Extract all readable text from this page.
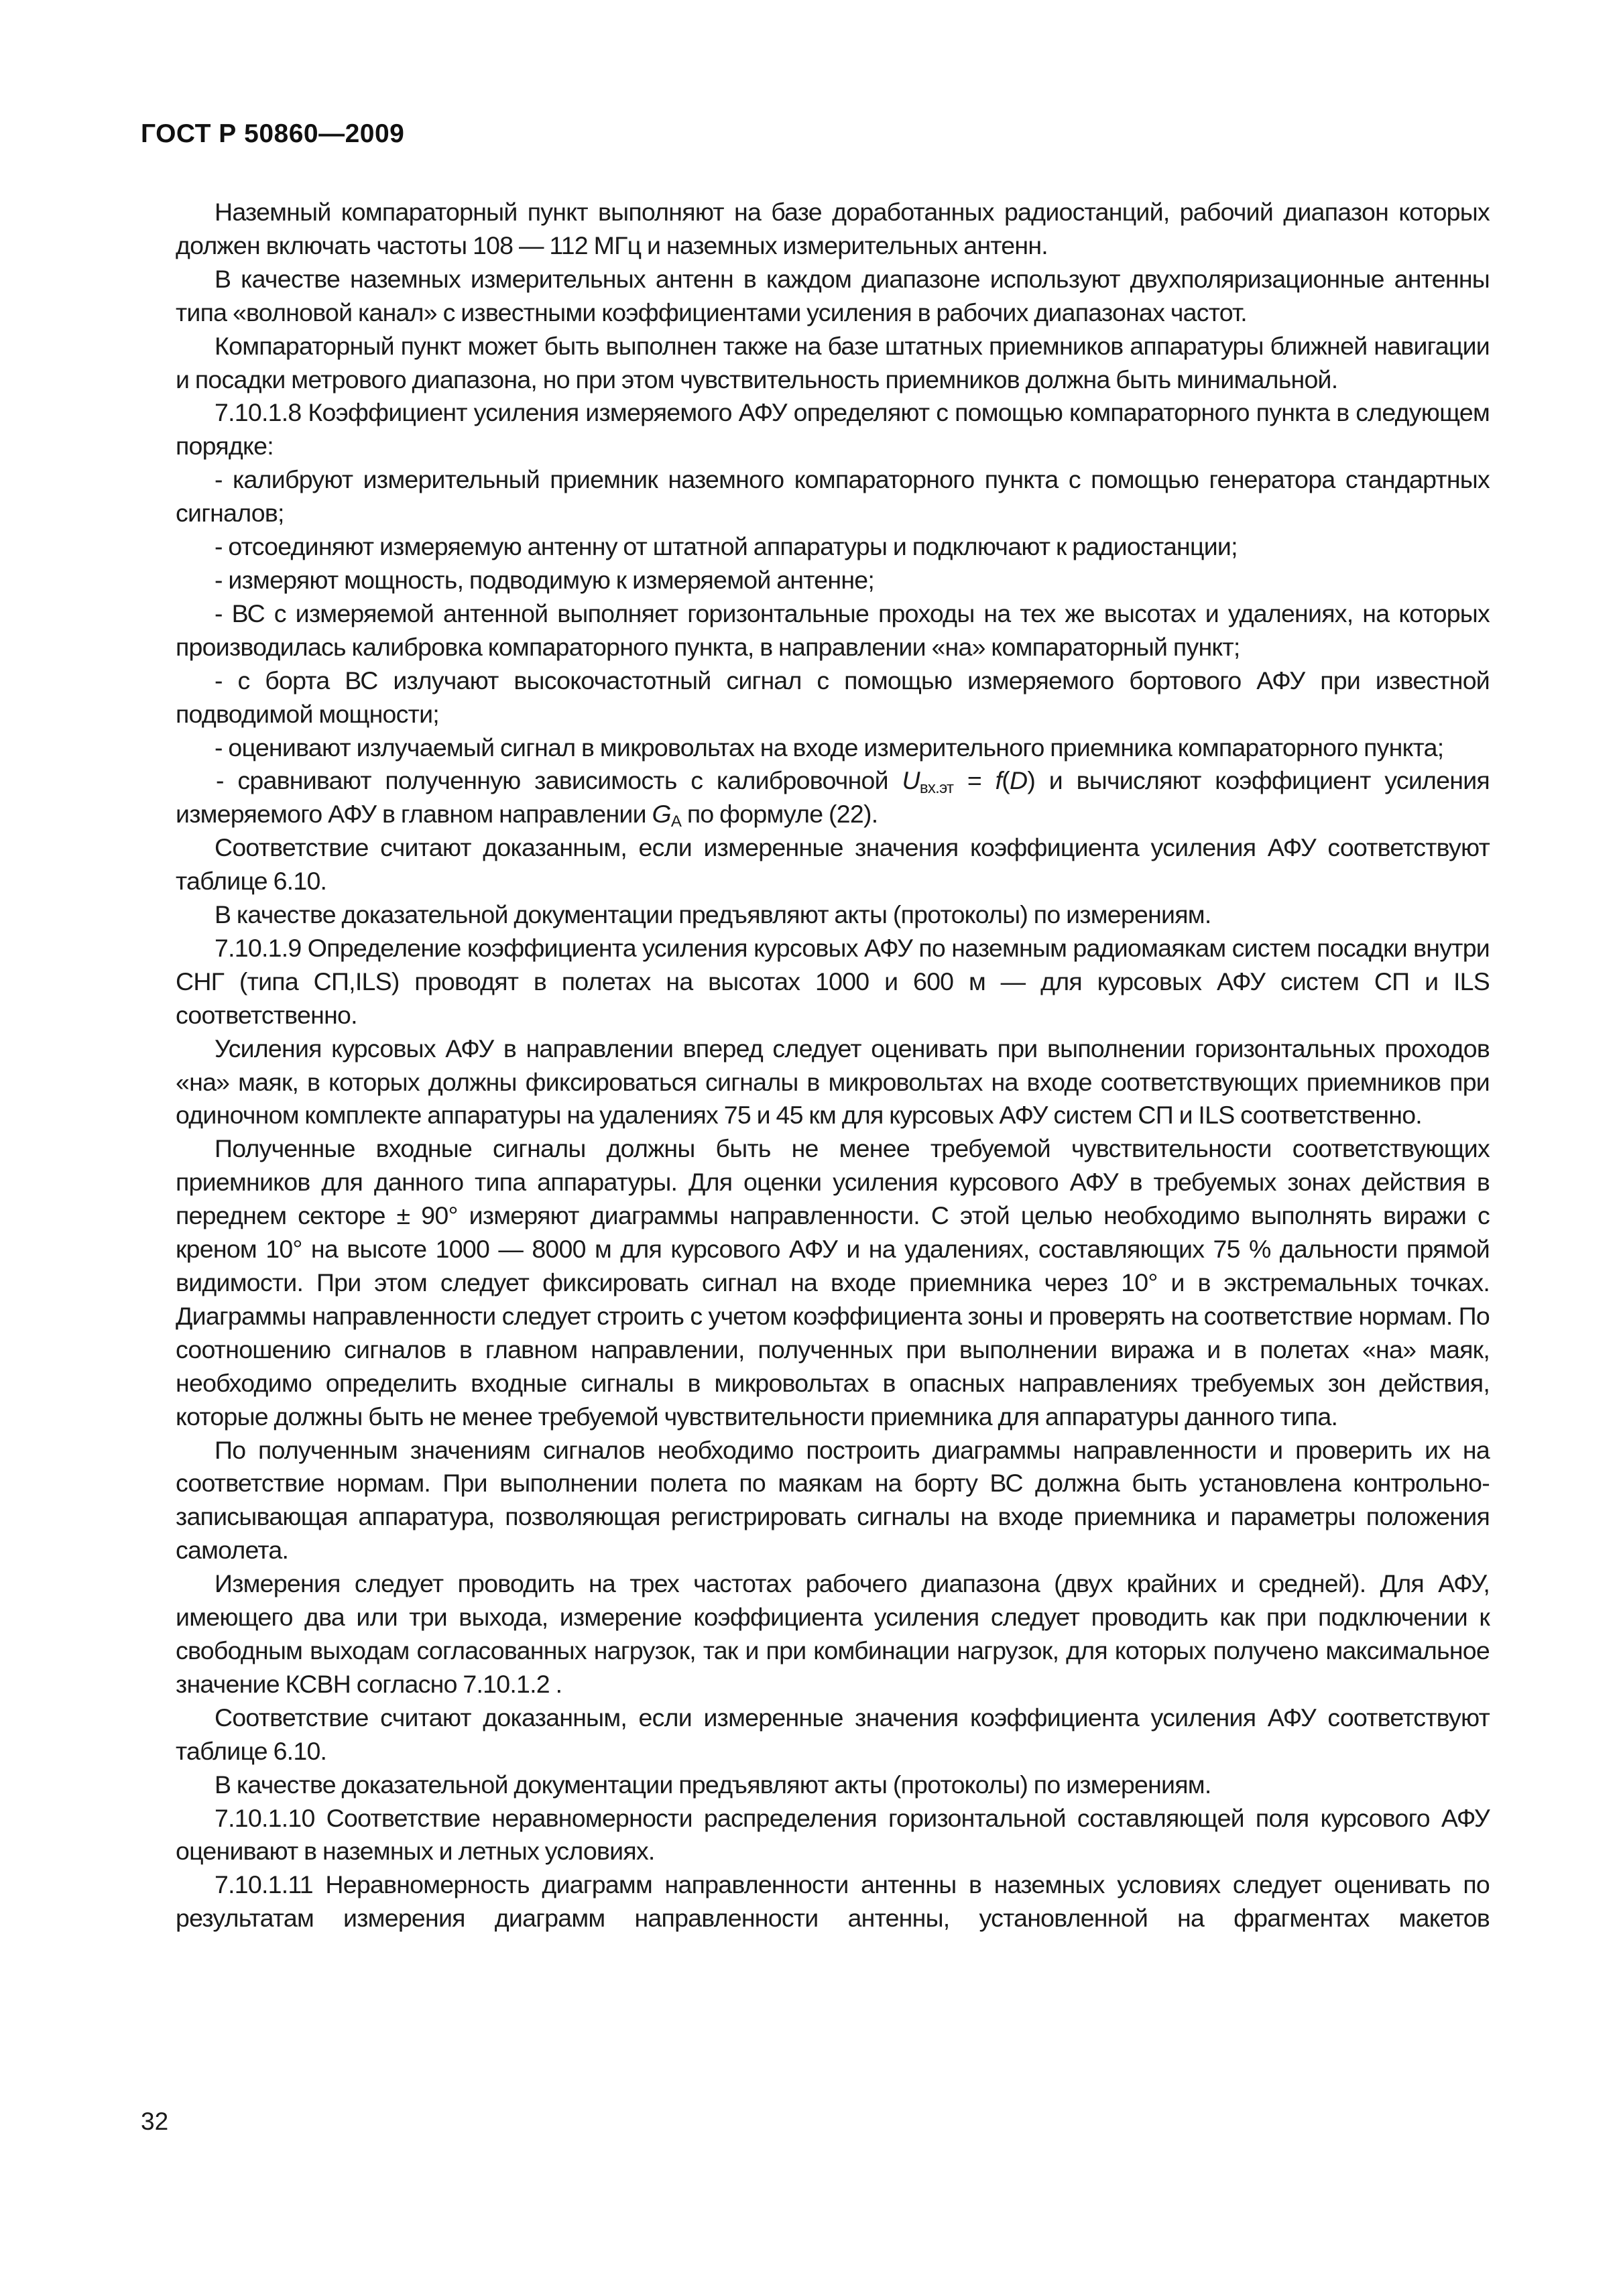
ГОСТ Р 50860—2009

Наземный компараторный пункт выполняют на базе доработанных радиостанций, рабочий диапазон которых должен включать частоты 108 — 112 МГц и наземных измерительных антенн.

В качестве наземных измерительных антенн в каждом диапазоне используют двухполяризационные антенны типа «волновой канал» с известными коэффициентами усиления в рабочих диапазонах частот.

Компараторный пункт может быть выполнен также на базе штатных приемников аппаратуры ближней навигации и посадки метрового диапазона, но при этом чувствительность приемников должна быть минимальной.

7.10.1.8 Коэффициент усиления измеряемого АФУ определяют с помощью компараторного пункта в следующем порядке:

- калибруют измерительный приемник наземного компараторного пункта с помощью генератора стандартных сигналов;

- отсоединяют измеряемую антенну от штатной аппаратуры и подключают к радиостанции;

- измеряют мощность, подводимую к измеряемой антенне;

- ВС с измеряемой антенной выполняет горизонтальные проходы на тех же высотах и удалениях, на которых производилась калибровка компараторного пункта, в направлении «на» компараторный пункт;

- с борта ВС излучают высокочастотный сигнал с помощью измеряемого бортового АФУ при известной подводимой мощности;

- оценивают излучаемый сигнал в микровольтах на входе измерительного приемника компараторного пункта;

- сравнивают полученную зависимость с калибровочной $U_{вх.эт} = f(D)$ и вычисляют коэффициент усиления измеряемого АФУ в главном направлении $G_А$ по формуле (22).

Соответствие считают доказанным, если измеренные значения коэффициента усиления АФУ соответствуют таблице 6.10.

В качестве доказательной документации предъявляют акты (протоколы) по измерениям.

7.10.1.9 Определение коэффициента усиления курсовых АФУ по наземным радиомаякам систем посадки внутри СНГ (типа СП,ILS) проводят в полетах на высотах 1000 и 600 м — для курсовых АФУ систем СП и ILS соответственно.

Усиления курсовых АФУ в направлении вперед следует оценивать при выполнении горизонтальных проходов «на» маяк, в которых должны фиксироваться сигналы в микровольтах на входе соответствующих приемников при одиночном комплекте аппаратуры на удалениях 75 и 45 км для курсовых АФУ систем СП и ILS соответственно.

Полученные входные сигналы должны быть не менее требуемой чувствительности соответствующих приемников для данного типа аппаратуры. Для оценки усиления курсового АФУ в требуемых зонах действия в переднем секторе ± 90° измеряют диаграммы направленности. С этой целью необходимо выполнять виражи с креном 10° на высоте 1000 — 8000 м для курсового АФУ и на удалениях, составляющих 75 % дальности прямой видимости. При этом следует фиксировать сигнал на входе приемника через 10° и в экстремальных точках. Диаграммы направленности следует строить с учетом коэффициента зоны и проверять на соответствие нормам. По соотношению сигналов в главном направлении, полученных при выполнении виража и в полетах «на» маяк, необходимо определить входные сигналы в микровольтах в опасных направлениях требуемых зон действия, которые должны быть не менее требуемой чувствительности приемника для аппаратуры данного типа.

По полученным значениям сигналов необходимо построить диаграммы направленности и проверить их на соответствие нормам. При выполнении полета по маякам на борту ВС должна быть установлена контрольно-записывающая аппаратура, позволяющая регистрировать сигналы на входе приемника и параметры положения самолета.

Измерения следует проводить на трех частотах рабочего диапазона (двух крайних и средней). Для АФУ, имеющего два или три выхода, измерение коэффициента усиления следует проводить как при подключении к свободным выходам согласованных нагрузок, так и при комбинации нагрузок, для которых получено максимальное значение КСВН согласно 7.10.1.2 .

Соответствие считают доказанным, если измеренные значения коэффициента усиления АФУ соответствуют таблице 6.10.

В качестве доказательной документации предъявляют акты (протоколы) по измерениям.

7.10.1.10 Соответствие неравномерности распределения горизонтальной составляющей поля курсового АФУ оценивают в наземных и летных условиях.

7.10.1.11 Неравномерность диаграмм направленности антенны в наземных условиях следует оценивать по результатам измерения диаграмм направленности антенны, установленной на фрагментах макетов

32
